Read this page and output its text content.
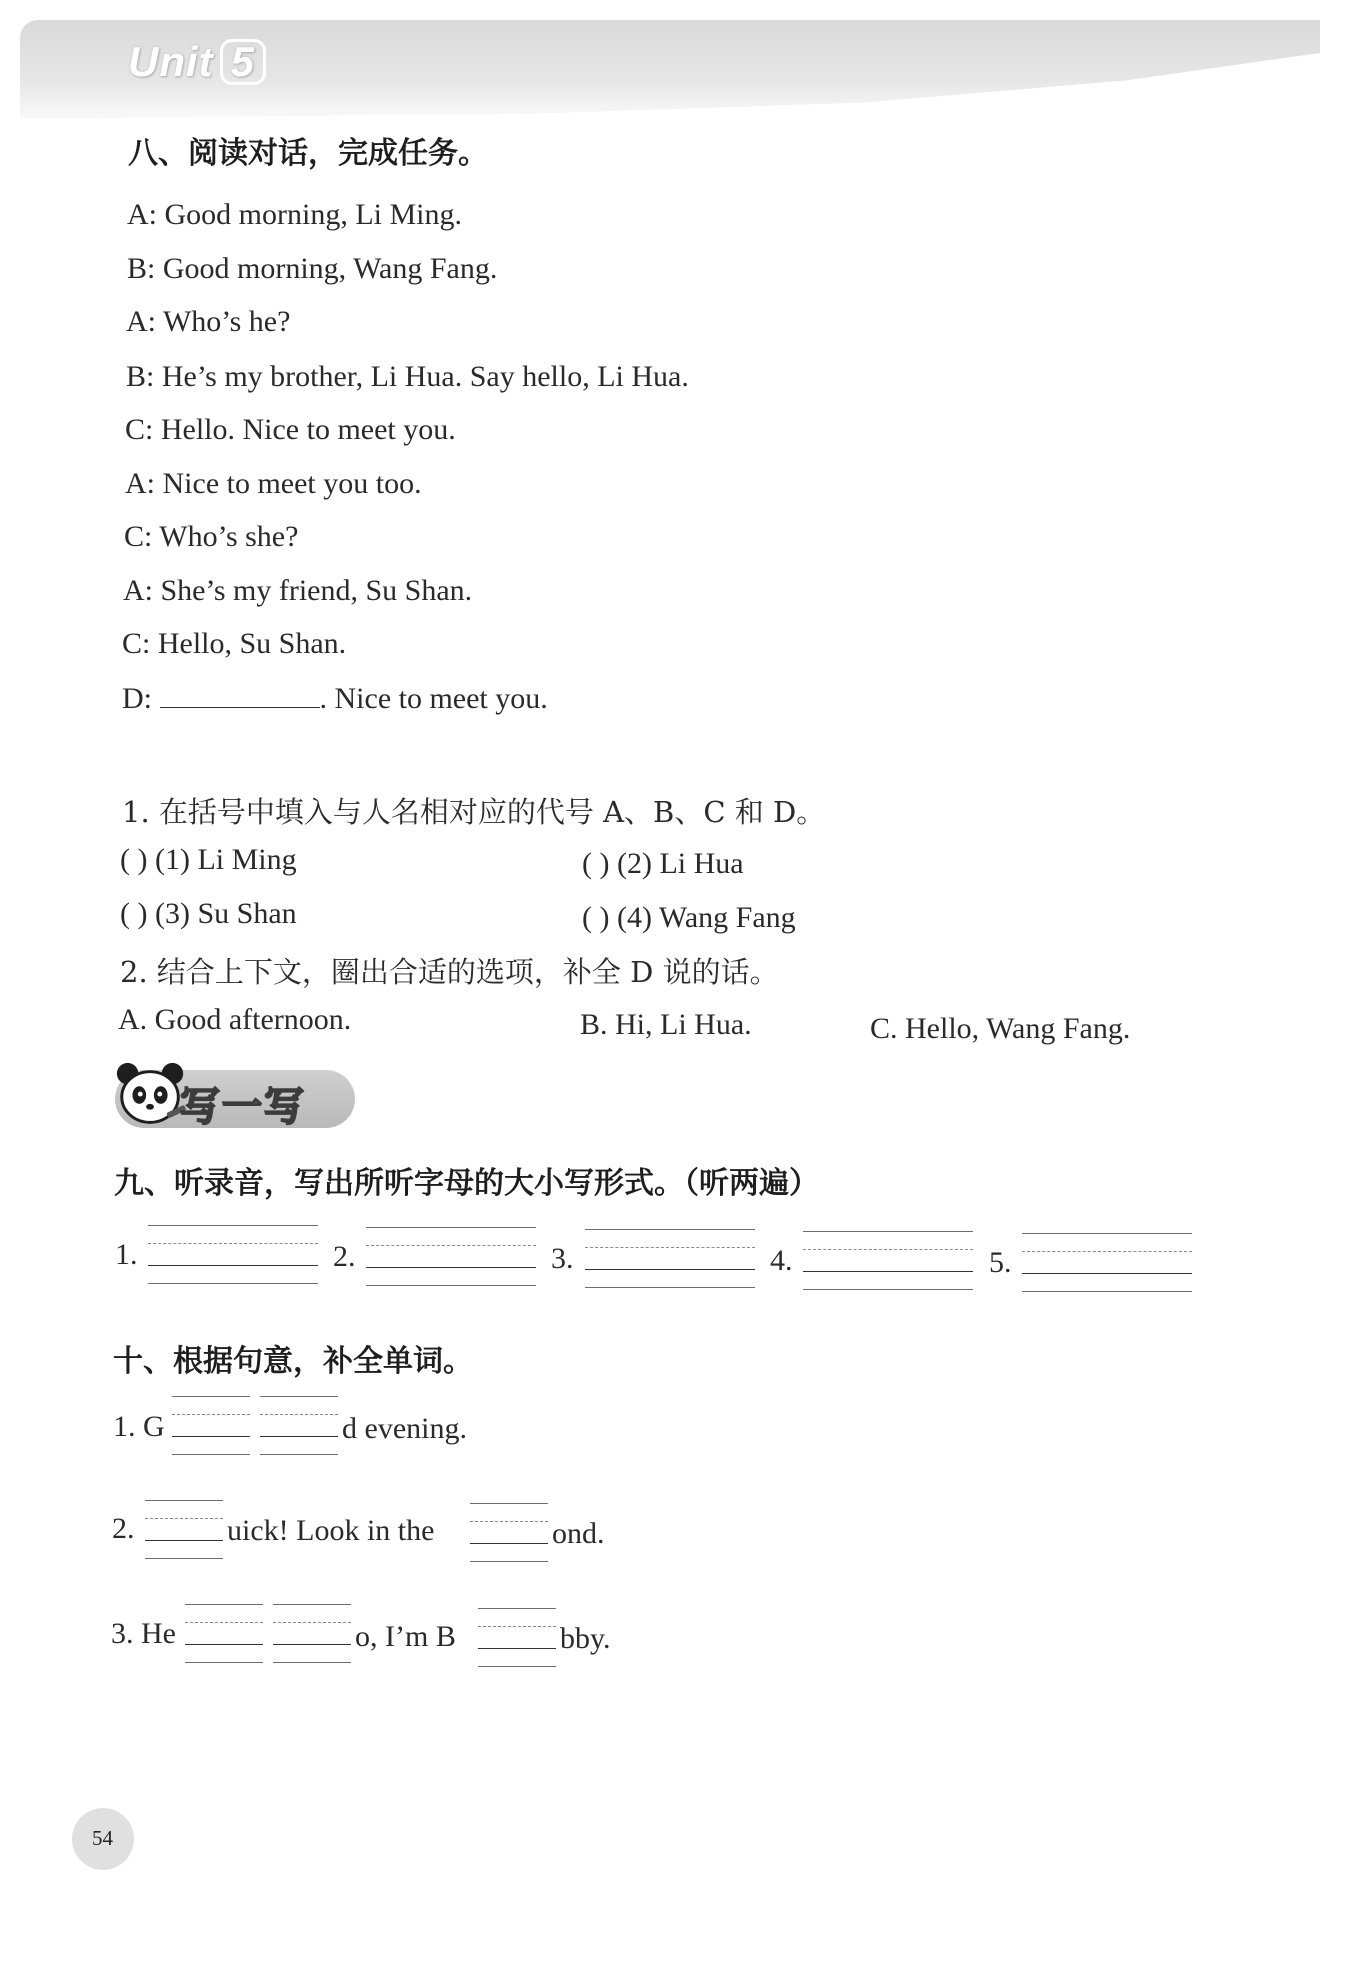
Unit 5
八、阅读对话，完成任务。
A: Good morning, Li Ming.
B: Good morning, Wang Fang.
A: Who’s he?
B: He’s my brother, Li Hua. Say hello, Li Hua.
C: Hello. Nice to meet you.
A: Nice to meet you too.
C: Who’s she?
A: She’s my friend, Su Shan.
C: Hello, Su Shan.
D:	. Nice to meet you.
1. 在括号中填入与人名相对应的代号 A、B、C 和 D。
( ) (1) Li Ming	( ) (2) Li Hua
( ) (3) Su Shan	( ) (4) Wang Fang
2. 结合上下文，圈出合适的选项，补全 D 说的话。
A. Good afternoon.	B. Hi, Li Hua.	C. Hello, Wang Fang.
写一写
九、听录音，写出所听字母的大小写形式。（听两遍）
1.	2.	3.	4.	5.
十、根据句意，补全单词。
1. G	d evening.
2.	uick! Look in the	ond.
3. He	o, I’m B	bby.
54
